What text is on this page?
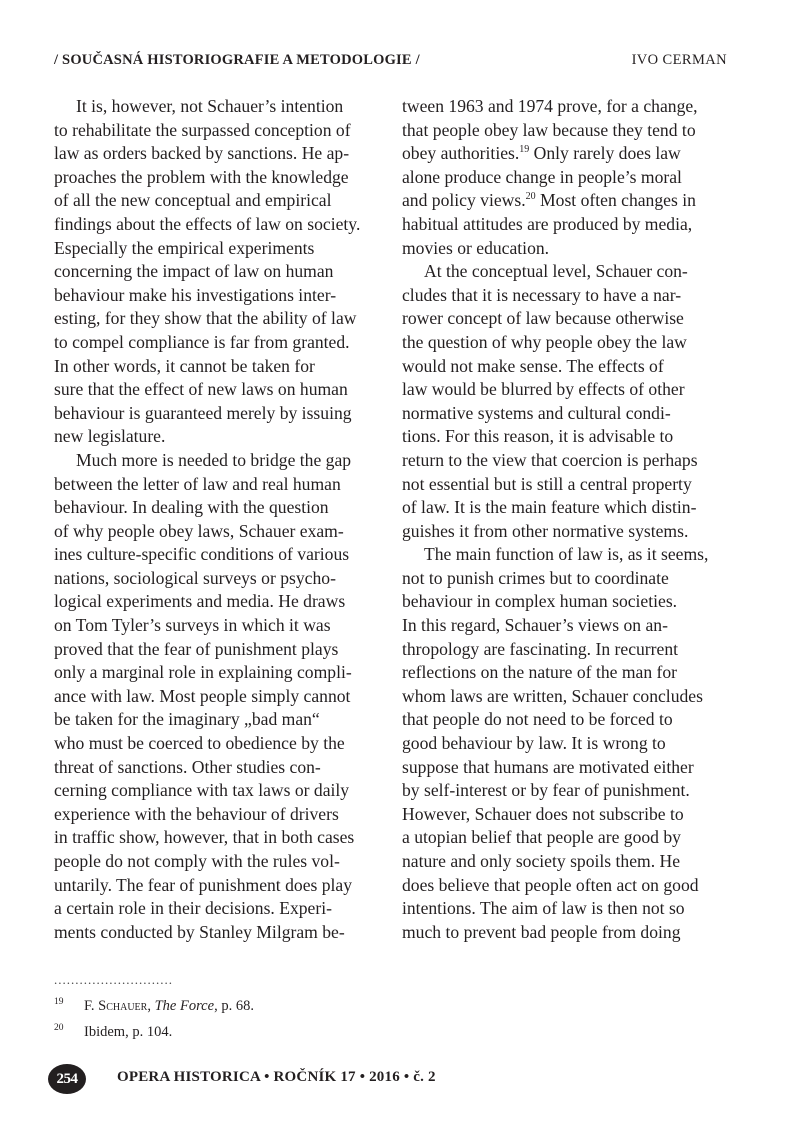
/ SOUČASNÁ HISTORIOGRAFIE A METODOLOGIE /	IVO CERMAN
It is, however, not Schauer’s intention
to rehabilitate the surpassed conception of
law as orders backed by sanctions. He ap-
proaches the problem with the knowledge
of all the new conceptual and empirical
findings about the effects of law on society.
Especially the empirical experiments
concerning the impact of law on human
behaviour make his investigations inter-
esting, for they show that the ability of law
to compel compliance is far from granted.
In other words, it cannot be taken for
sure that the effect of new laws on human
behaviour is guaranteed merely by issuing
new legislature.
Much more is needed to bridge the gap
between the letter of law and real human
behaviour. In dealing with the question
of why people obey laws, Schauer exam-
ines culture-specific conditions of various
nations, sociological surveys or psycho-
logical experiments and media. He draws
on Tom Tyler’s surveys in which it was
proved that the fear of punishment plays
only a marginal role in explaining compli-
ance with law. Most people simply cannot
be taken for the imaginary „bad man“
who must be coerced to obedience by the
threat of sanctions. Other studies con-
cerning compliance with tax laws or daily
experience with the behaviour of drivers
in traffic show, however, that in both cases
people do not comply with the rules vol-
untarily. The fear of punishment does play
a certain role in their decisions. Experi-
ments conducted by Stanley Milgram be-
tween 1963 and 1974 prove, for a change,
that people obey law because they tend to
obey authorities.$^{19}$ Only rarely does law
alone produce change in people’s moral
and policy views.$^{20}$ Most often changes in
habitual attitudes are produced by media,
movies or education.
At the conceptual level, Schauer con-
cludes that it is necessary to have a nar-
rower concept of law because otherwise
the question of why people obey the law
would not make sense. The effects of
law would be blurred by effects of other
normative systems and cultural condi-
tions. For this reason, it is advisable to
return to the view that coercion is perhaps
not essential but is still a central property
of law. It is the main feature which distin-
guishes it from other normative systems.
The main function of law is, as it seems,
not to punish crimes but to coordinate
behaviour in complex human societies.
In this regard, Schauer’s views on an-
thropology are fascinating. In recurrent
reflections on the nature of the man for
whom laws are written, Schauer concludes
that people do not need to be forced to
good behaviour by law. It is wrong to
suppose that humans are motivated either
by self-interest or by fear of punishment.
However, Schauer does not subscribe to
a utopian belief that people are good by
nature and only society spoils them. He
does believe that people often act on good
intentions. The aim of law is then not so
much to prevent bad people from doing
............................
19 F. Schauer, The Force, p. 68.
20 Ibidem, p. 104.
254	OPERA HISTORICA • ROČNÍK 17 • 2016 • č. 2
